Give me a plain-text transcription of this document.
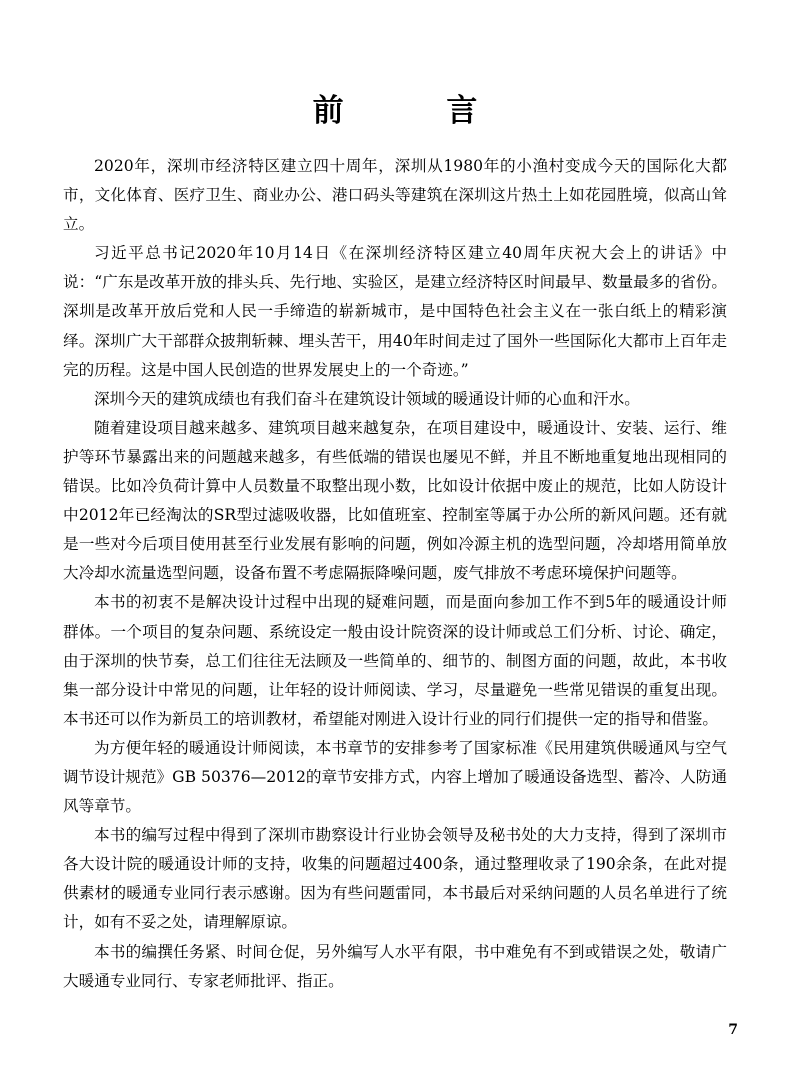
前 言

2020年，深圳市经济特区建立四十周年，深圳从1980年的小渔村变成今天的国际化大都市，文化体育、医疗卫生、商业办公、港口码头等建筑在深圳这片热土上如花园胜境，似高山耸立。

习近平总书记2020年10月14日《在深圳经济特区建立40周年庆祝大会上的讲话》中说：“广东是改革开放的排头兵、先行地、实验区，是建立经济特区时间最早、数量最多的省份。深圳是改革开放后党和人民一手缔造的崭新城市，是中国特色社会主义在一张白纸上的精彩演绎。深圳广大干部群众披荆斩棘、埋头苦干，用40年时间走过了国外一些国际化大都市上百年走完的历程。这是中国人民创造的世界发展史上的一个奇迹。”

深圳今天的建筑成绩也有我们奋斗在建筑设计领域的暖通设计师的心血和汗水。

随着建设项目越来越多、建筑项目越来越复杂，在项目建设中，暖通设计、安装、运行、维护等环节暴露出来的问题越来越多，有些低端的错误也屡见不鲜，并且不断地重复地出现相同的错误。比如冷负荷计算中人员数量不取整出现小数，比如设计依据中废止的规范，比如人防设计中2012年已经淘汰的SR型过滤吸收器，比如值班室、控制室等属于办公所的新风问题。还有就是一些对今后项目使用甚至行业发展有影响的问题，例如冷源主机的选型问题，冷却塔用简单放大冷却水流量选型问题，设备布置不考虑隔振降噪问题，废气排放不考虑环境保护问题等。

本书的初衷不是解决设计过程中出现的疑难问题，而是面向参加工作不到5年的暖通设计师群体。一个项目的复杂问题、系统设定一般由设计院资深的设计师或总工们分析、讨论、确定，由于深圳的快节奏，总工们往往无法顾及一些简单的、细节的、制图方面的问题，故此，本书收集一部分设计中常见的问题，让年轻的设计师阅读、学习，尽量避免一些常见错误的重复出现。本书还可以作为新员工的培训教材，希望能对刚进入设计行业的同行们提供一定的指导和借鉴。

为方便年轻的暖通设计师阅读，本书章节的安排参考了国家标准《民用建筑供暖通风与空气调节设计规范》GB 50376—2012的章节安排方式，内容上增加了暖通设备选型、蓄冷、人防通风等章节。

本书的编写过程中得到了深圳市勘察设计行业协会领导及秘书处的大力支持，得到了深圳市各大设计院的暖通设计师的支持，收集的问题超过400条，通过整理收录了190余条，在此对提供素材的暖通专业同行表示感谢。因为有些问题雷同，本书最后对采纳问题的人员名单进行了统计，如有不妥之处，请理解原谅。

本书的编撰任务紧、时间仓促，另外编写人水平有限，书中难免有不到或错误之处，敬请广大暖通专业同行、专家老师批评、指正。

7
